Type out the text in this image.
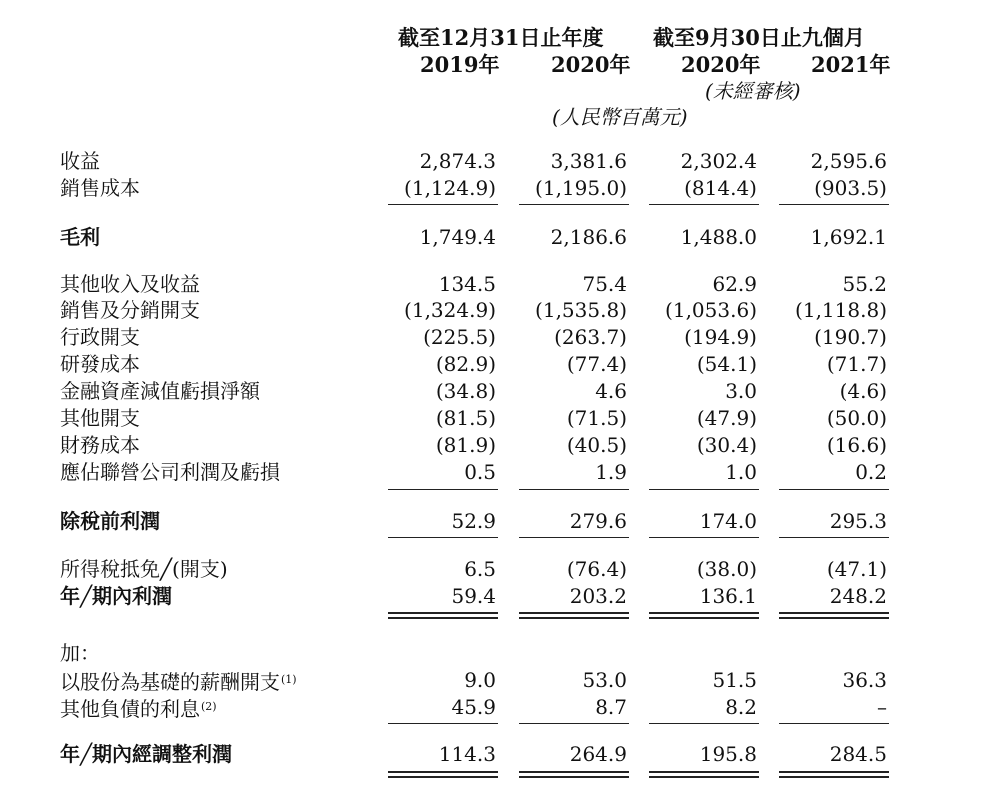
截至12月31日止年度 截至9月30日止九個月
2019年 2020年 2020年 2021年
(未經審核)
(人民幣百萬元)
收益	2,874.3	3,381.6	2,302.4	2,595.6
銷售成本	(1,124.9)	(1,195.0)	(814.4)	(903.5)
毛利	1,749.4	2,186.6	1,488.0	1,692.1
其他收入及收益	134.5	75.4	62.9	55.2
銷售及分銷開支	(1,324.9)	(1,535.8)	(1,053.6)	(1,118.8)
行政開支	(225.5)	(263.7)	(194.9)	(190.7)
研發成本	(82.9)	(77.4)	(54.1)	(71.7)
金融資產減值虧損淨額	(34.8)	4.6	3.0	(4.6)
其他開支	(81.5)	(71.5)	(47.9)	(50.0)
財務成本	(81.9)	(40.5)	(30.4)	(16.6)
應佔聯營公司利潤及虧損	0.5	1.9	1.0	0.2
除稅前利潤	52.9	279.6	174.0	295.3
所得稅抵免╱(開支)	6.5	(76.4)	(38.0)	(47.1)
年╱期內利潤	59.4	203.2	136.1	248.2
加：
以股份為基礎的薪酬開支$^{(1)}$	9.0	53.0	51.5	36.3
其他負債的利息$^{(2)}$	45.9	8.7	8.2	–
年╱期內經調整利潤	114.3	264.9	195.8	284.5
